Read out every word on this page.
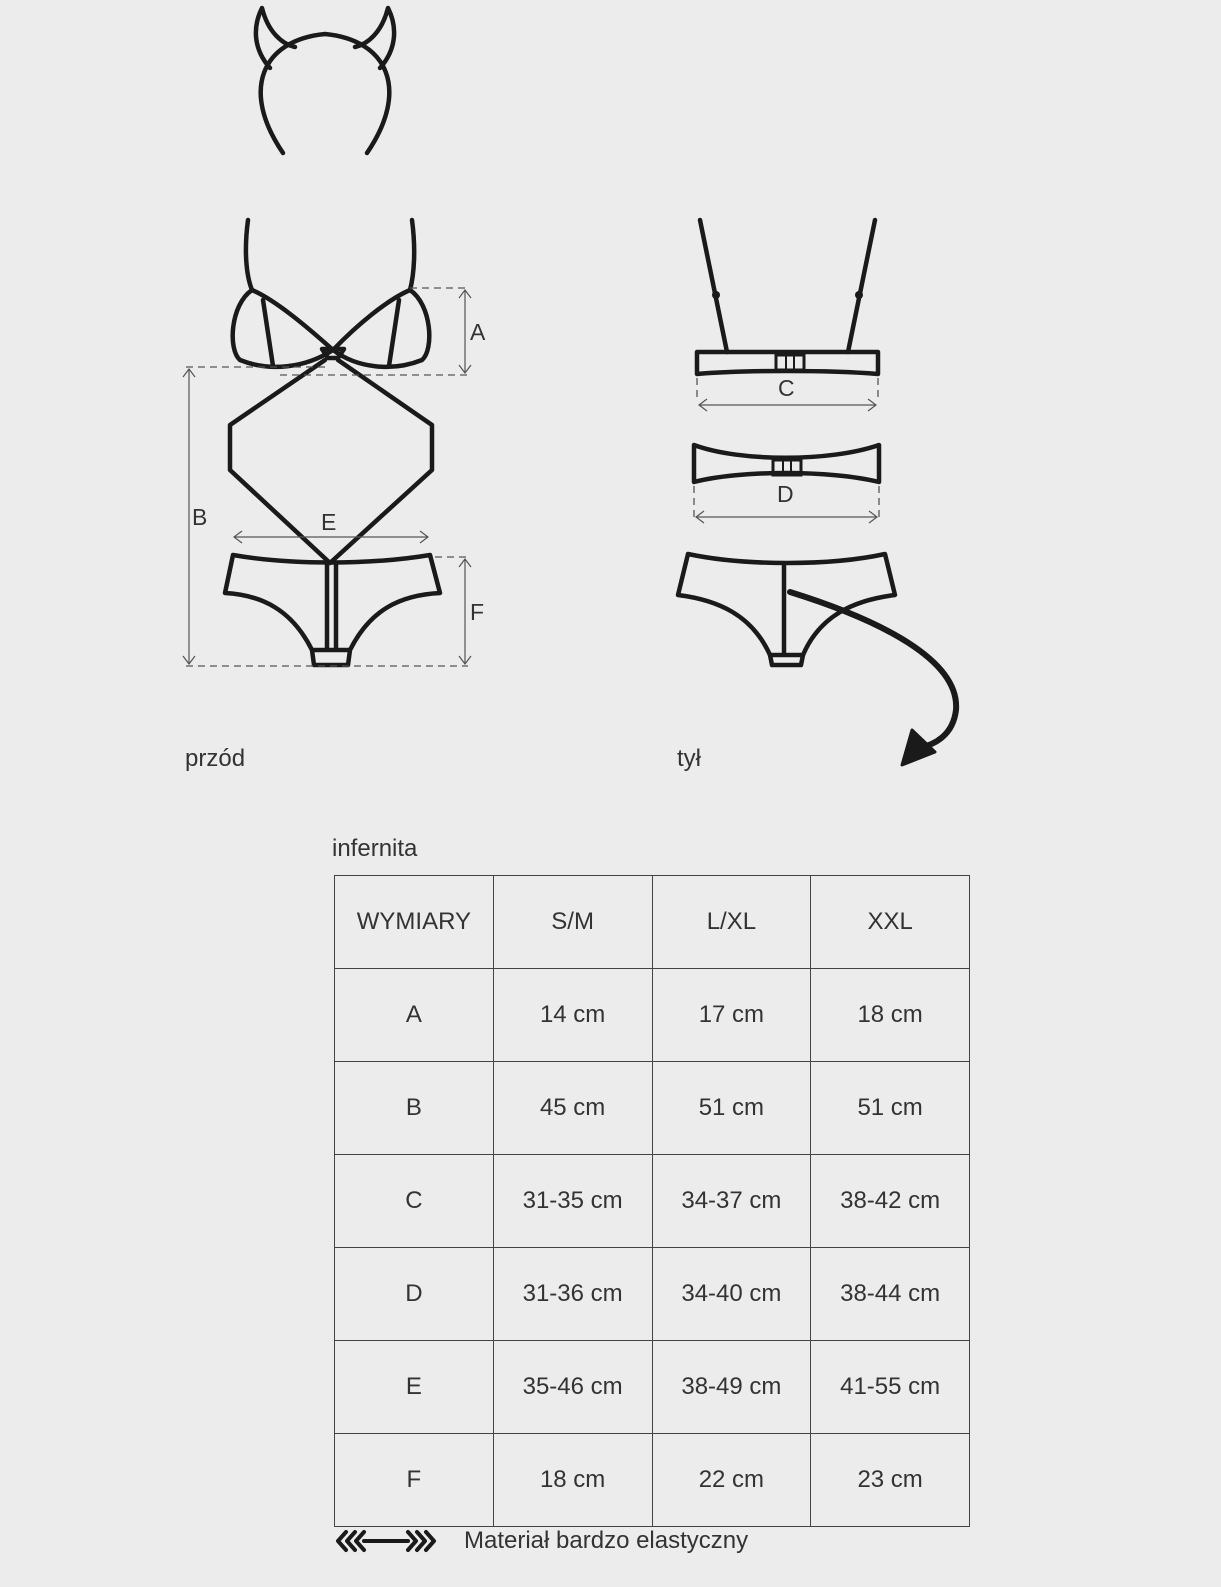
A
B	E
F
C
D
przód	tył
infernita
WYMIARY	S/M	L/XL	XXL
A	14 cm	17 cm	18 cm
B	45 cm	51 cm	51 cm
C	31-35 cm	34-37 cm	38-42 cm
D	31-36 cm	34-40 cm	38-44 cm
E	35-46 cm	38-49 cm	41-55 cm
F	18 cm	22 cm	23 cm
Materiał bardzo elastyczny
